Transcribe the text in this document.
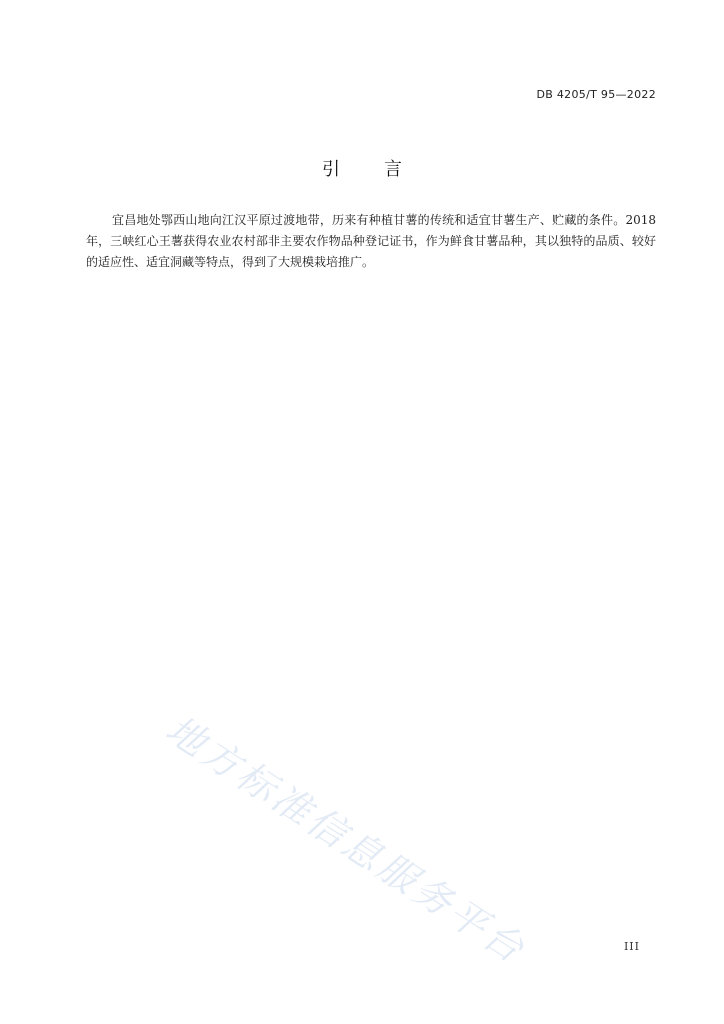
DB 4205/T 95—2022
引 言

宜昌地处鄂西山地向江汉平原过渡地带，历来有种植甘薯的传统和适宜甘薯生产、贮藏的条件。2018年，三峡红心王薯获得农业农村部非主要农作物品种登记证书，作为鲜食甘薯品种，其以独特的品质、较好的适应性、适宜洞藏等特点，得到了大规模栽培推广。

地方标准信息服务平台	III
